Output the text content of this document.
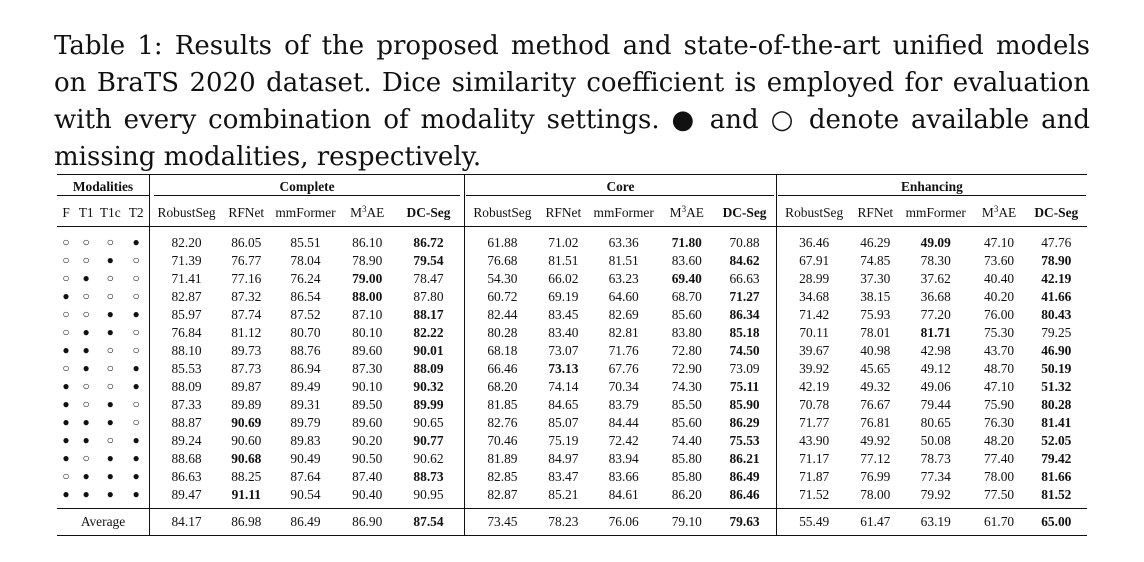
Table 1: Results of the proposed method and state-of-the-art unified models on BraTS 2020 dataset. Dice similarity coefficient is employed for evaluation with every combination of modality settings. ● and ○ denote available and missing modalities, respectively.

Modalities				Complete					Core					Enhancing				
F	T1	T1c	T2	RobustSeg	RFNet	mmFormer	$M^3AE$	DC-Seg	RobustSeg	RFNet	mmFormer	$M^3AE$	DC-Seg	RobustSeg	RFNet	mmFormer	$M^3AE$	DC-Seg
○	○	○	●	82.20	86.05	85.51	86.10	86.72	61.88	71.02	63.36	71.80	70.88	36.46	46.29	49.09	47.10	47.76
○	○	●	○	71.39	76.77	78.04	78.90	79.54	76.68	81.51	81.51	83.60	84.62	67.91	74.85	78.30	73.60	78.90
○	●	○	○	71.41	77.16	76.24	79.00	78.47	54.30	66.02	63.23	69.40	66.63	28.99	37.30	37.62	40.40	42.19
●	○	○	○	82.87	87.32	86.54	88.00	87.80	60.72	69.19	64.60	68.70	71.27	34.68	38.15	36.68	40.20	41.66
○	○	●	●	85.97	87.74	87.52	87.10	88.17	82.44	83.45	82.69	85.60	86.34	71.42	75.93	77.20	76.00	80.43
○	●	●	○	76.84	81.12	80.70	80.10	82.22	80.28	83.40	82.81	83.80	85.18	70.11	78.01	81.71	75.30	79.25
●	●	○	○	88.10	89.73	88.76	89.60	90.01	68.18	73.07	71.76	72.80	74.50	39.67	40.98	42.98	43.70	46.90
○	●	○	●	85.53	87.73	86.94	87.30	88.09	66.46	73.13	67.76	72.90	73.09	39.92	45.65	49.12	48.70	50.19
●	○	○	●	88.09	89.87	89.49	90.10	90.32	68.20	74.14	70.34	74.30	75.11	42.19	49.32	49.06	47.10	51.32
●	○	●	○	87.33	89.89	89.31	89.50	89.99	81.85	84.65	83.79	85.50	85.90	70.78	76.67	79.44	75.90	80.28
●	●	●	○	88.87	90.69	89.79	89.60	90.65	82.76	85.07	84.44	85.60	86.29	71.77	76.81	80.65	76.30	81.41
●	●	○	●	89.24	90.60	89.83	90.20	90.77	70.46	75.19	72.42	74.40	75.53	43.90	49.92	50.08	48.20	52.05
●	○	●	●	88.68	90.68	90.49	90.50	90.62	81.89	84.97	83.94	85.80	86.21	71.17	77.12	78.73	77.40	79.42
○	●	●	●	86.63	88.25	87.64	87.40	88.73	82.85	83.47	83.66	85.80	86.49	71.87	76.99	77.34	78.00	81.66
●	●	●	●	89.47	91.11	90.54	90.40	90.95	82.87	85.21	84.61	86.20	86.46	71.52	78.00	79.92	77.50	81.52
Average				84.17	86.98	86.49	86.90	87.54	73.45	78.23	76.06	79.10	79.63	55.49	61.47	63.19	61.70	65.00
